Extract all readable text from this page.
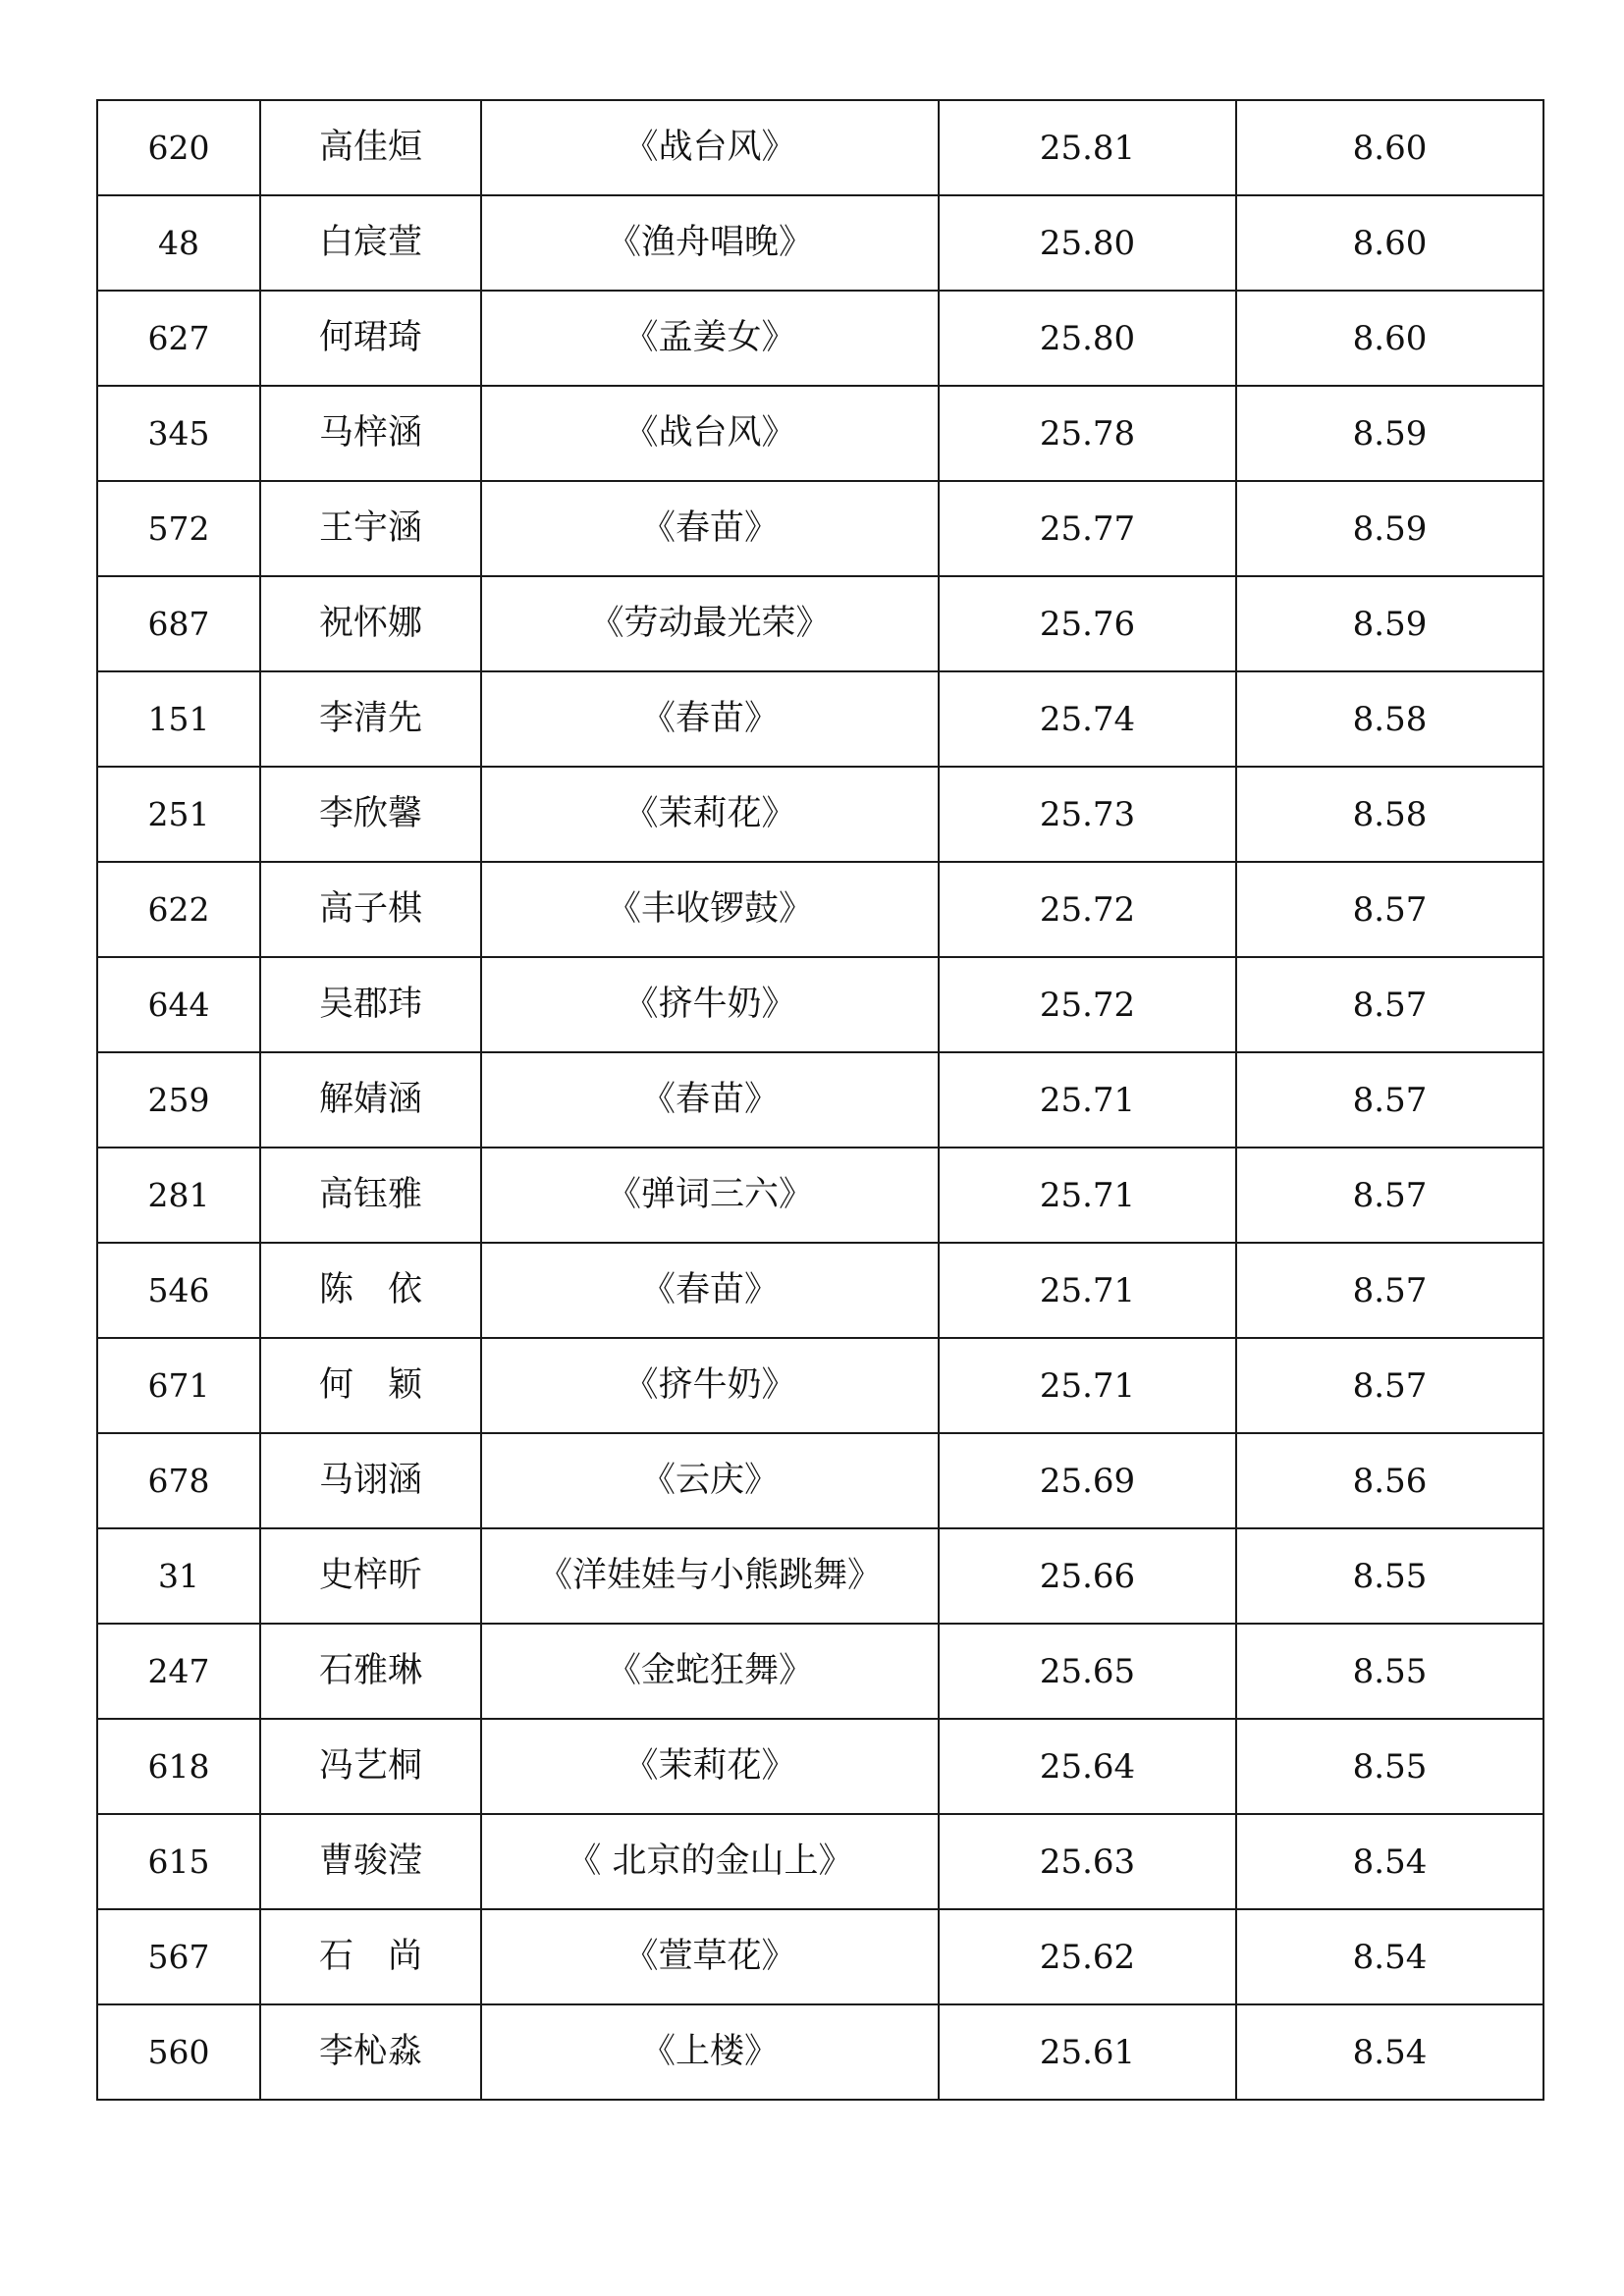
620	高佳烜	《战台风》	25.81	8.60
48	白宸萱	《渔舟唱晚》	25.80	8.60
627	何珺琦	《孟姜女》	25.80	8.60
345	马梓涵	《战台风》	25.78	8.59
572	王宇涵	《春苗》	25.77	8.59
687	祝怀娜	《劳动最光荣》	25.76	8.59
151	李清先	《春苗》	25.74	8.58
251	李欣馨	《茉莉花》	25.73	8.58
622	高子棋	《丰收锣鼓》	25.72	8.57
644	吴郡玮	《挤牛奶》	25.72	8.57
259	解婧涵	《春苗》	25.71	8.57
281	高钰雅	《弹词三六》	25.71	8.57
546	陈　依	《春苗》	25.71	8.57
671	何　颖	《挤牛奶》	25.71	8.57
678	马诩涵	《云庆》	25.69	8.56
31	史梓昕	《洋娃娃与小熊跳舞》	25.66	8.55
247	石雅琳	《金蛇狂舞》	25.65	8.55
618	冯艺桐	《茉莉花》	25.64	8.55
615	曹骏滢	《 北京的金山上》	25.63	8.54
567	石　尚	《萱草花》	25.62	8.54
560	李杺淼	《上楼》	25.61	8.54
